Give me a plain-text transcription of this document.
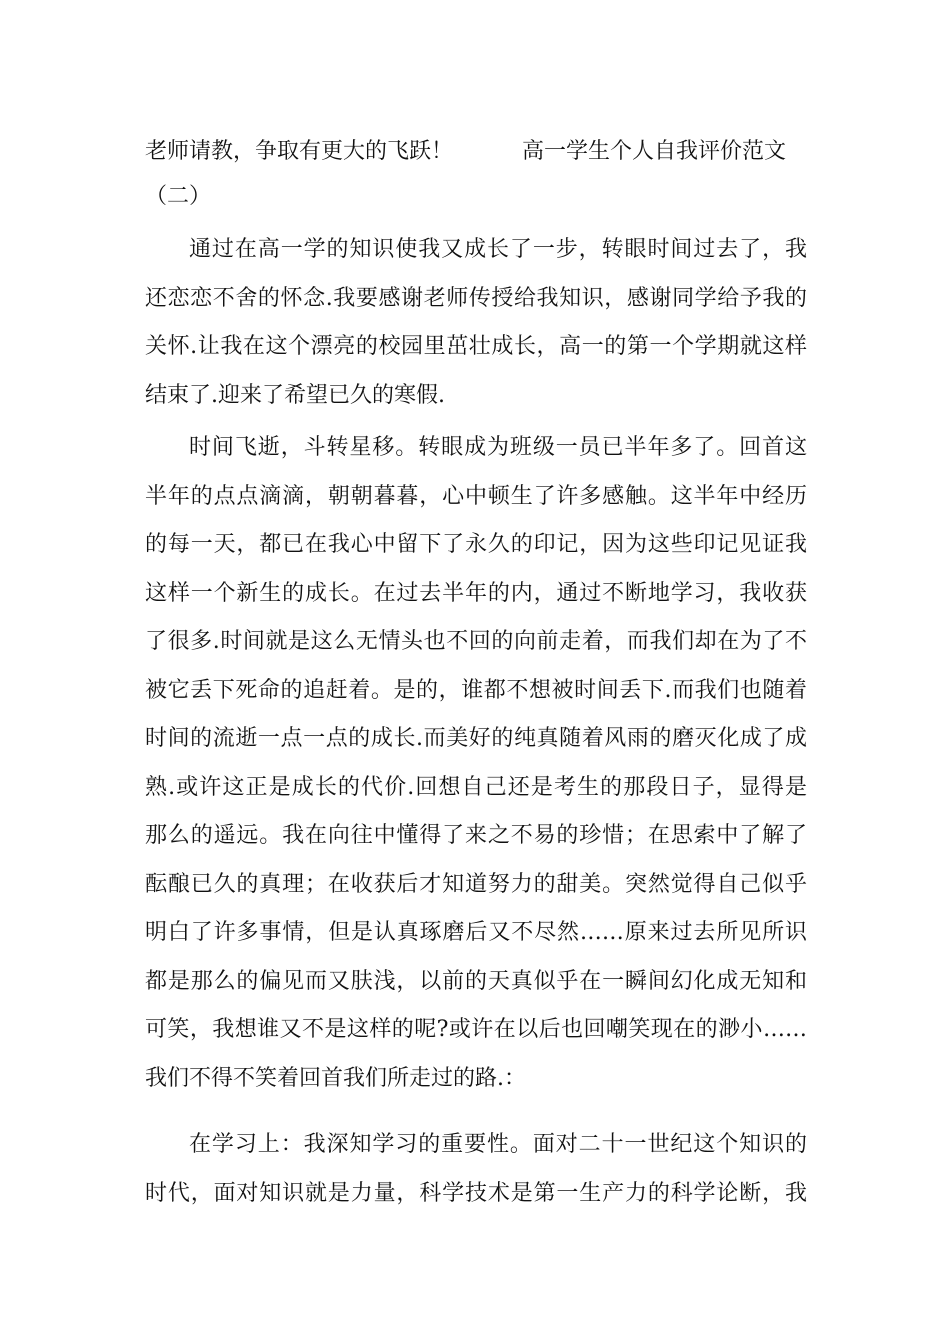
老师请教，争取有更大的飞跃！	高一学生个人自我评价范文
（二）
通过在高一学的知识使我又成长了一步，转眼时间过去了，我
还恋恋不舍的怀念.我要感谢老师传授给我知识，感谢同学给予我的
关怀.让我在这个漂亮的校园里茁壮成长，高一的第一个学期就这样
结束了.迎来了希望已久的寒假.
时间飞逝，斗转星移。转眼成为班级一员已半年多了。回首这
半年的点点滴滴，朝朝暮暮，心中顿生了许多感触。这半年中经历
的每一天，都已在我心中留下了永久的印记，因为这些印记见证我
这样一个新生的成长。在过去半年的内，通过不断地学习，我收获
了很多.时间就是这么无情头也不回的向前走着，而我们却在为了不
被它丢下死命的追赶着。是的，谁都不想被时间丢下.而我们也随着
时间的流逝一点一点的成长.而美好的纯真随着风雨的磨灭化成了成
熟.或许这正是成长的代价.回想自己还是考生的那段日子，显得是
那么的遥远。我在向往中懂得了来之不易的珍惜；在思索中了解了
酝酿已久的真理；在收获后才知道努力的甜美。突然觉得自己似乎
明白了许多事情，但是认真琢磨后又不尽然……原来过去所见所识
都是那么的偏见而又肤浅，以前的天真似乎在一瞬间幻化成无知和
可笑，我想谁又不是这样的呢?或许在以后也回嘲笑现在的渺小……
我们不得不笑着回首我们所走过的路.：
在学习上：我深知学习的重要性。面对二十一世纪这个知识的
时代，面对知识就是力量，科学技术是第一生产力的科学论断，我
